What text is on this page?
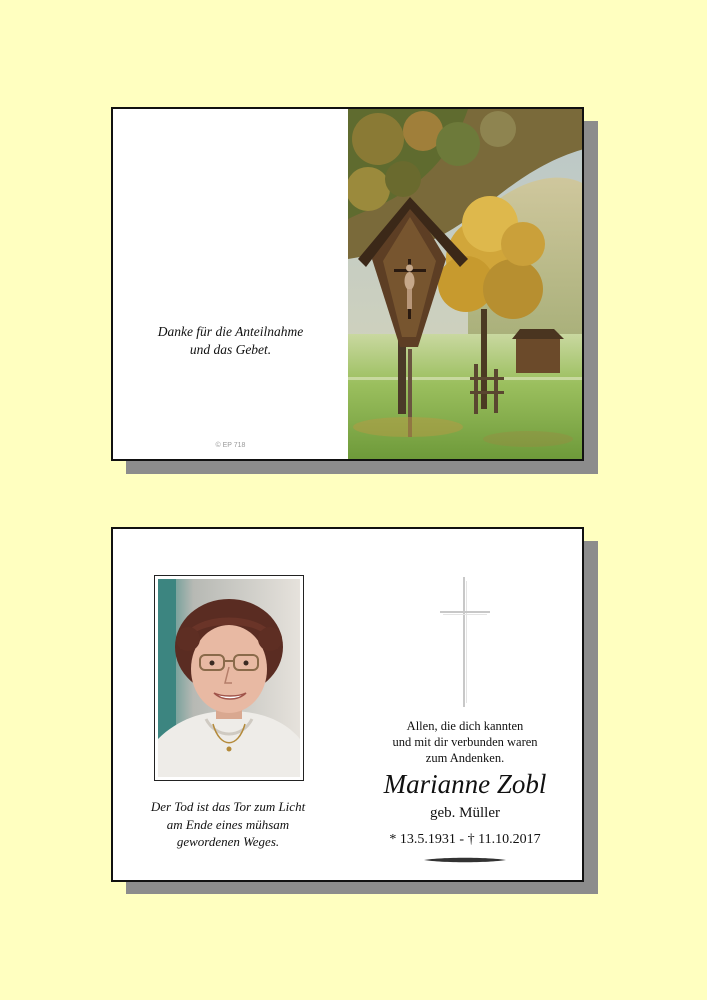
Danke für die Anteilnahme
und das Gebet.
© EP 718
Der Tod ist das Tor zum Licht
am Ende eines mühsam
gewordenen Weges.
Allen, die dich kannten
und mit dir verbunden waren
zum Andenken.
Marianne Zobl
geb. Müller
* 13.5.1931 - † 11.10.2017
